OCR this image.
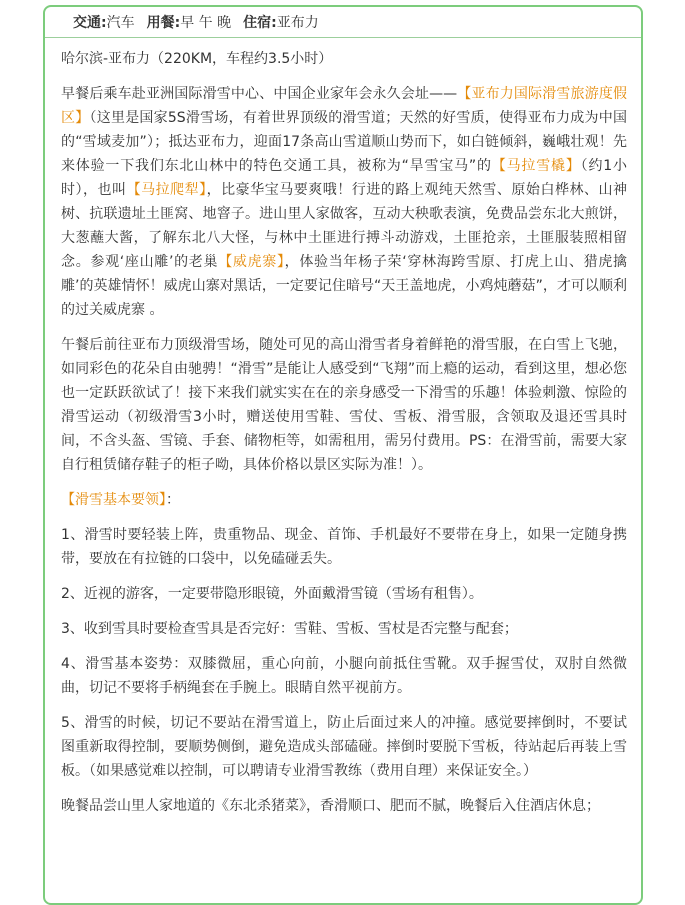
交通: 汽车 用餐: 早 午 晚 住宿: 亚布力

哈尔滨-亚布力（220KM，车程约3.5小时）

早餐后乘车赴亚洲国际滑雪中心、中国企业家年会永久会址——【亚布力国际滑雪旅游度假区】（这里是国家5S滑雪场，有着世界顶级的滑雪道；天然的好雪质，使得亚布力成为中国的“雪域麦加”）；抵达亚布力，迎面17条高山雪道顺山势而下，如白链倾斜，巍峨壮观！先来体验一下我们东北山林中的特色交通工具，被称为“旱雪宝马”的【马拉雪橇】（约1小时），也叫【马拉爬犁】，比豪华宝马要爽哦！行进的路上观纯天然雪、原始白桦林、山神树、抗联遗址土匪窝、地窨子。进山里人家做客，互动大秧歌表演，免费品尝东北大煎饼，大葱蘸大酱，了解东北八大怪，与林中土匪进行搏斗动游戏，土匪抢亲，土匪服装照相留念。参观‘座山雕’的老巢【威虎寨】，体验当年杨子荣‘穿林海跨雪原、打虎上山、猎虎擒雕’的英雄情怀！威虎山寨对黑话，一定要记住暗号“天王盖地虎，小鸡炖蘑菇”，才可以顺利的过关威虎寨 。

午餐后前往亚布力顶级滑雪场，随处可见的高山滑雪者身着鲜艳的滑雪服，在白雪上飞驰，如同彩色的花朵自由驰骋！“滑雪”是能让人感受到“飞翔”而上瘾的运动，看到这里，想必您也一定跃跃欲试了！接下来我们就实实在在的亲身感受一下滑雪的乐趣！体验刺激、惊险的滑雪运动（初级滑雪3小时，赠送使用雪鞋、雪仗、雪板、滑雪服，含领取及退还雪具时间，不含头盔、雪镜、手套、储物柜等，如需租用，需另付费用。PS：在滑雪前，需要大家自行租赁储存鞋子的柜子呦，具体价格以景区实际为准！）。

【滑雪基本要领】：

1、滑雪时要轻装上阵，贵重物品、现金、首饰、手机最好不要带在身上，如果一定随身携带，要放在有拉链的口袋中，以免磕碰丢失。

2、近视的游客，一定要带隐形眼镜，外面戴滑雪镜（雪场有租售）。

3、收到雪具时要检查雪具是否完好：雪鞋、雪板、雪杖是否完整与配套；

4、滑雪基本姿势：双膝微屈，重心向前，小腿向前抵住雪靴。双手握雪仗，双肘自然微曲，切记不要将手柄绳套在手腕上。眼睛自然平视前方。

5、滑雪的时候，切记不要站在滑雪道上，防止后面过来人的冲撞。感觉要摔倒时，不要试图重新取得控制，要顺势侧倒，避免造成头部磕碰。摔倒时要脱下雪板，待站起后再装上雪板。（如果感觉难以控制，可以聘请专业滑雪教练（费用自理）来保证安全。）

晚餐品尝山里人家地道的《东北杀猪菜》，香滑顺口、肥而不腻，晚餐后入住酒店休息；
